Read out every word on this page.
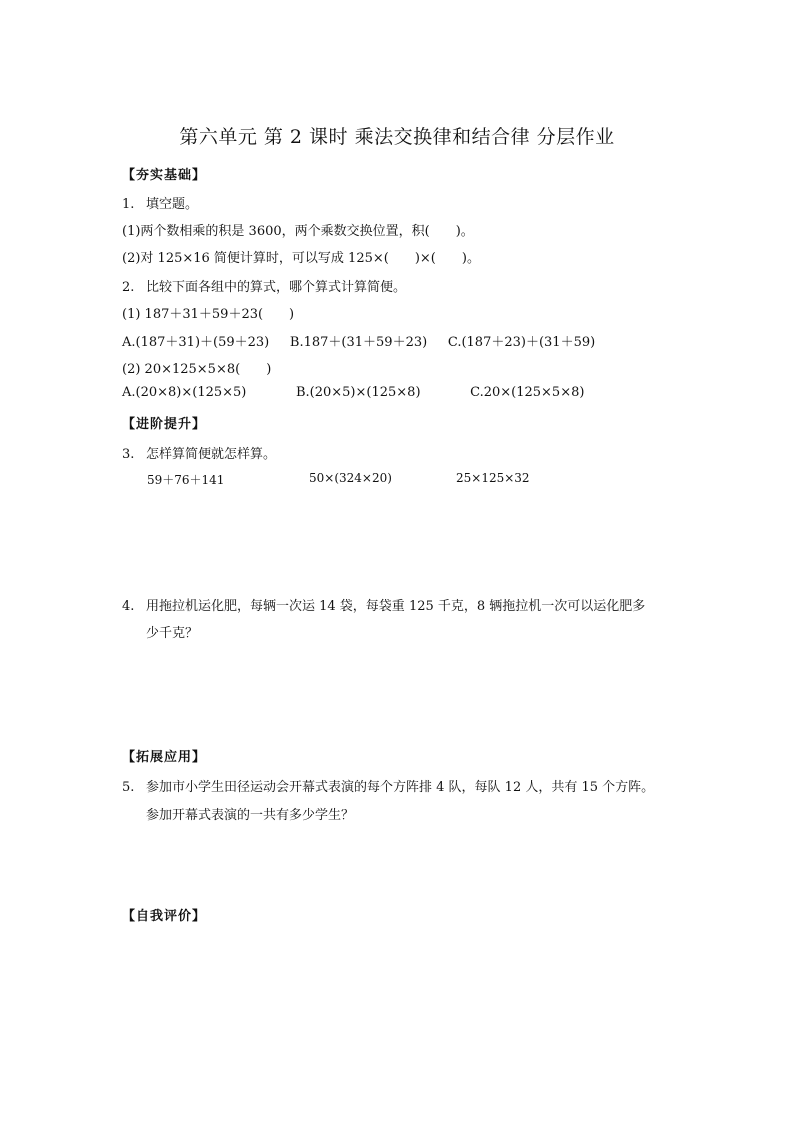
第六单元 第 2 课时 乘法交换律和结合律 分层作业
【夯实基础】
1. 填空题。
(1)两个数相乘的积是 3600，两个乘数交换位置，积(　　)。
(2)对 125×16 简便计算时，可以写成 125×(　　)×(　　)。
2. 比较下面各组中的算式，哪个算式计算简便。
(1) 187＋31＋59＋23(　　)
A.(187＋31)＋(59＋23)     B.187＋(31＋59＋23)     C.(187＋23)＋(31＋59)
(2) 20×125×5×8(　　)
A.(20×8)×(125×5)            B.(20×5)×(125×8)            C.20×(125×5×8)
【进阶提升】
3. 怎样算简便就怎样算。
59＋76＋141	50×(324×20)	25×125×32
4. 用拖拉机运化肥，每辆一次运 14 袋，每袋重 125 千克，8 辆拖拉机一次可以运化肥多
少千克？
【拓展应用】
5. 参加市小学生田径运动会开幕式表演的每个方阵排 4 队，每队 12 人，共有 15 个方阵。
参加开幕式表演的一共有多少学生？
【自我评价】
